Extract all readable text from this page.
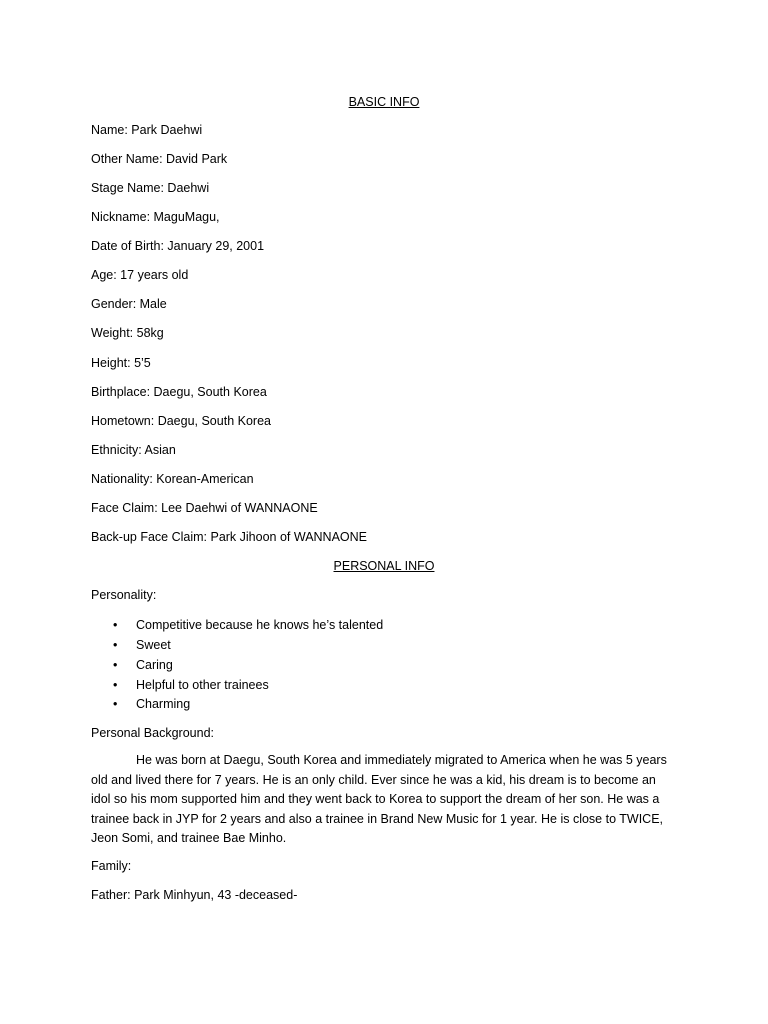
BASIC INFO
Name: Park Daehwi
Other Name: David Park
Stage Name: Daehwi
Nickname: MaguMagu,
Date of Birth: January 29, 2001
Age: 17 years old
Gender: Male
Weight: 58kg
Height: 5’5
Birthplace: Daegu, South Korea
Hometown: Daegu, South Korea
Ethnicity: Asian
Nationality: Korean-American
Face Claim: Lee Daehwi of WANNAONE
Back-up Face Claim: Park Jihoon of WANNAONE
PERSONAL INFO
Personality:
• Competitive because he knows he’s talented
• Sweet
• Caring
• Helpful to other trainees
• Charming
Personal Background:
He was born at Daegu, South Korea and immediately migrated to America when he was 5 years
old and lived there for 7 years. He is an only child. Ever since he was a kid, his dream is to become an
idol so his mom supported him and they went back to Korea to support the dream of her son. He was a
trainee back in JYP for 2 years and also a trainee in Brand New Music for 1 year. He is close to TWICE,
Jeon Somi, and trainee Bae Minho.
Family:
Father: Park Minhyun, 43 -deceased-
